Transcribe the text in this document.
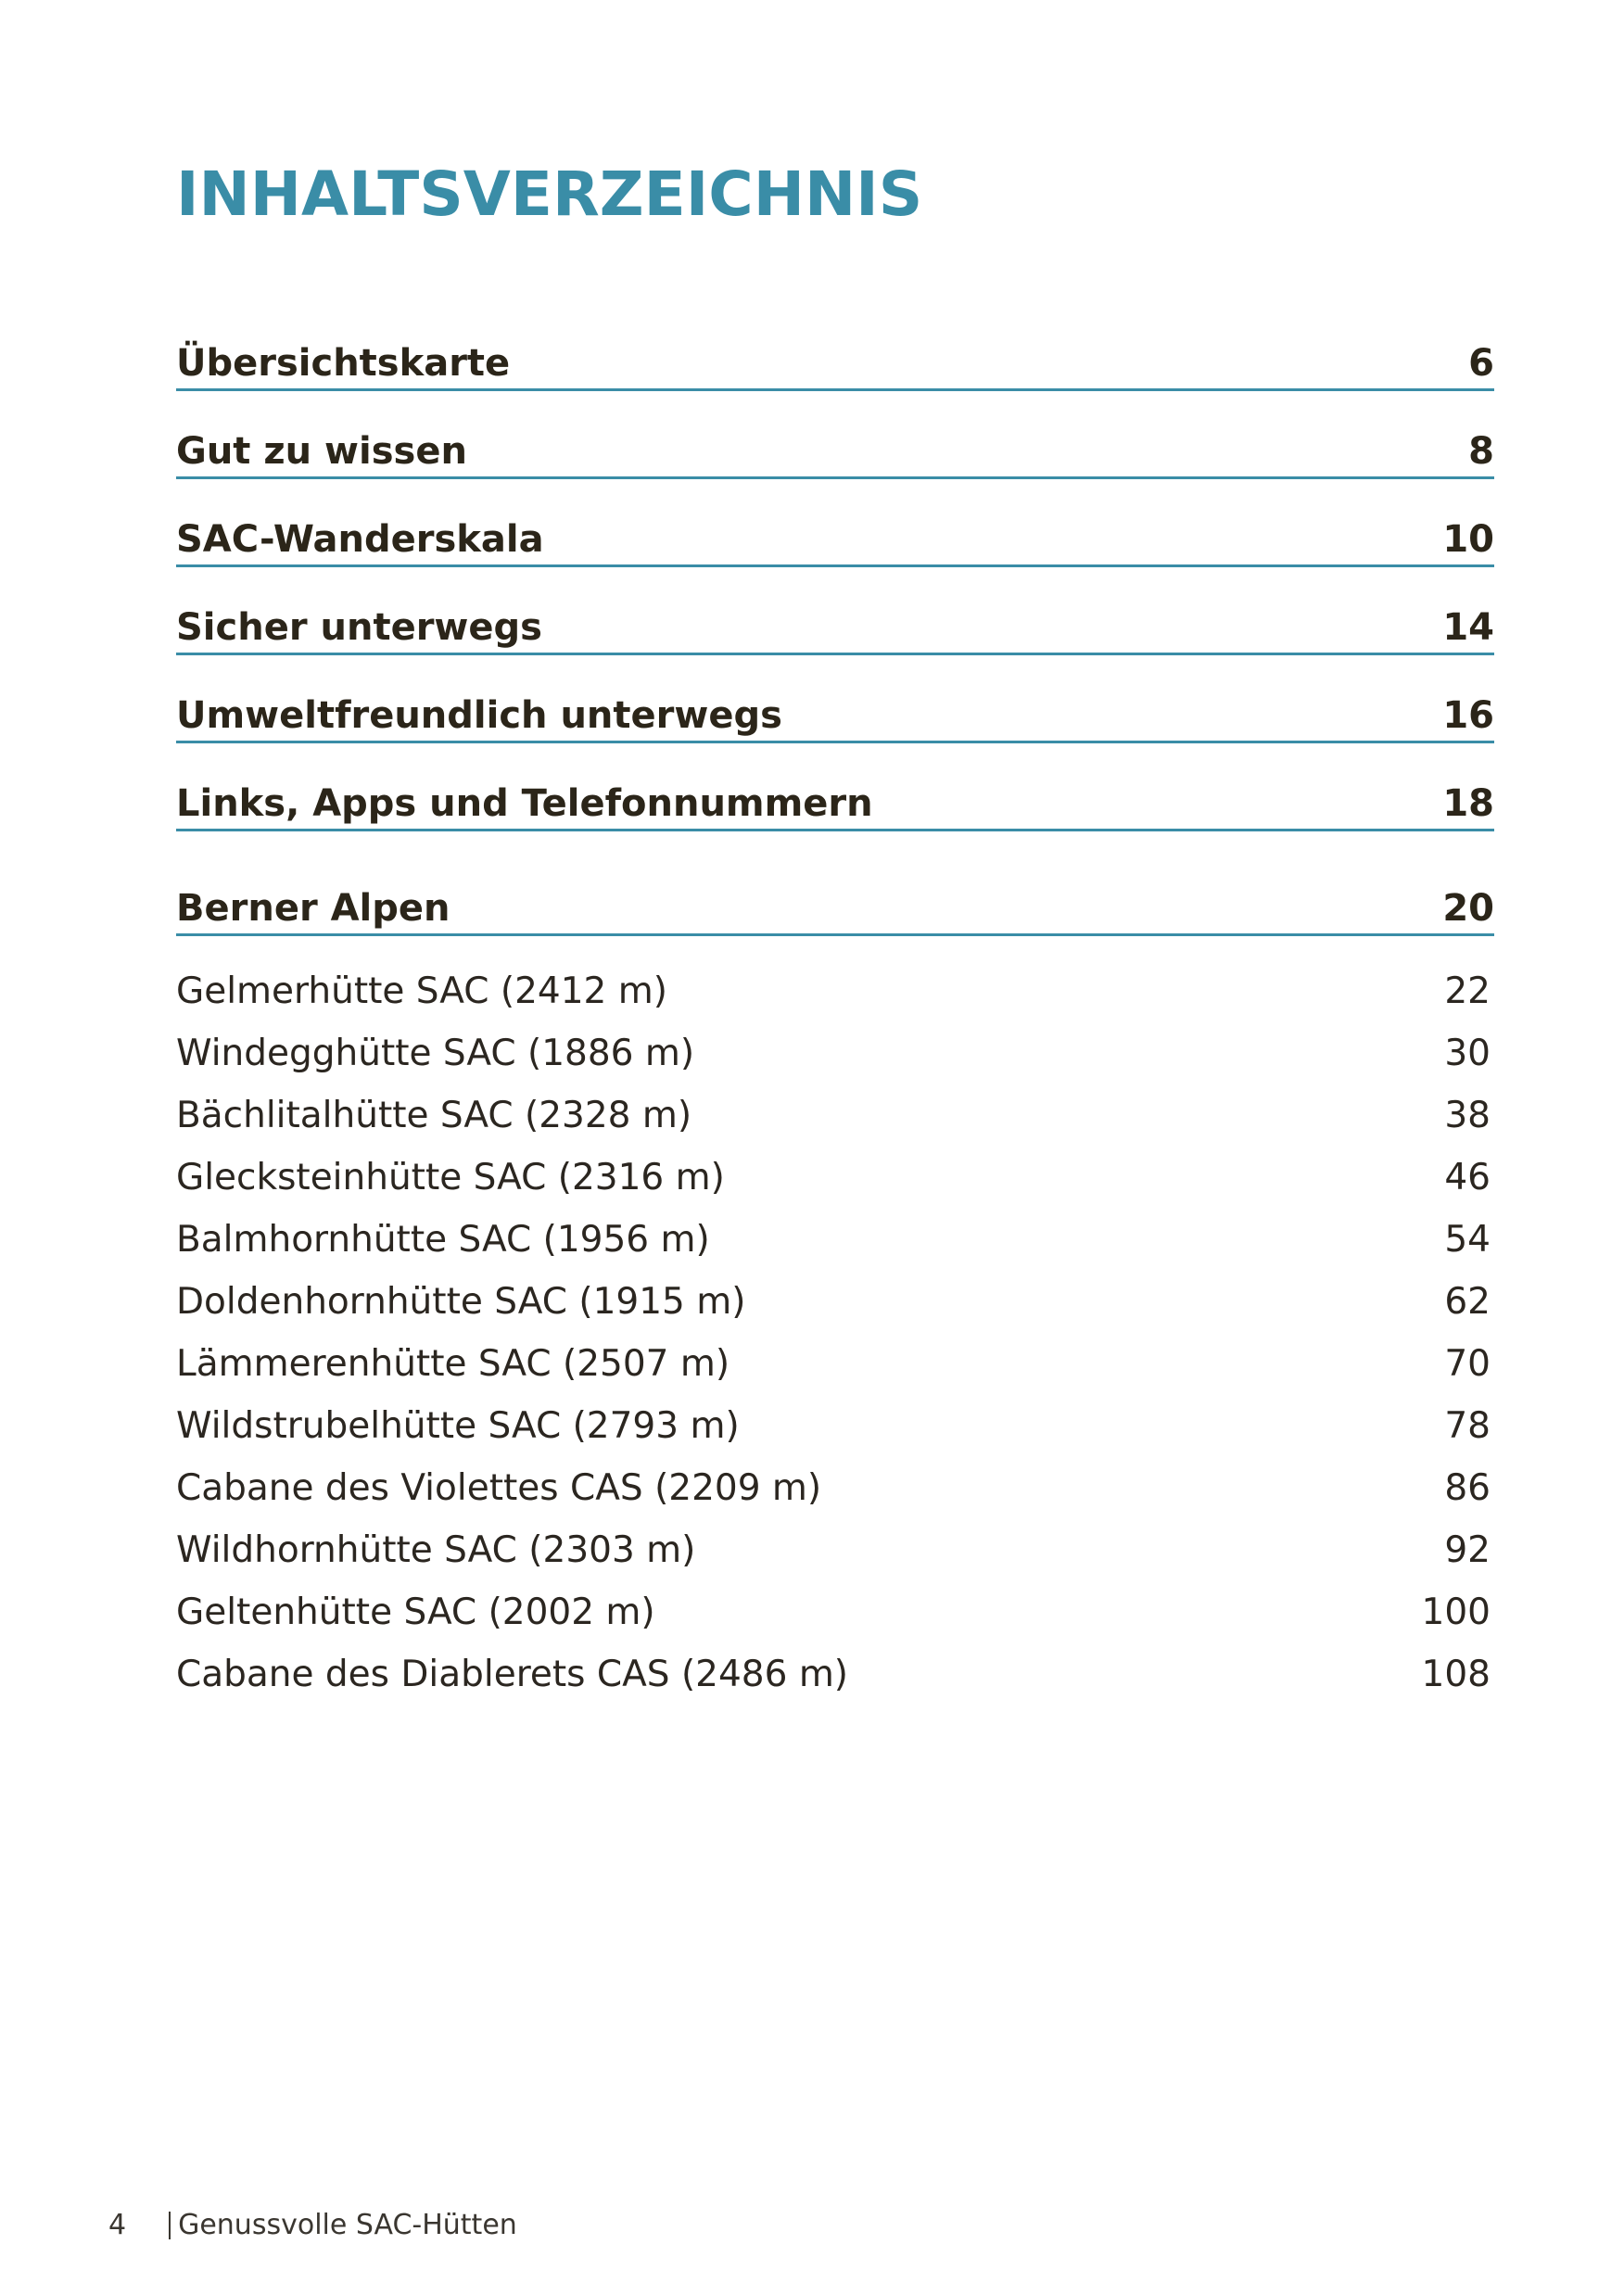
INHALTSVERZEICHNIS
Übersichtskarte	6
Gut zu wissen	8
SAC-Wanderskala	10
Sicher unterwegs	14
Umweltfreundlich unterwegs	16
Links, Apps und Telefonnummern	18
Berner Alpen	20
Gelmerhütte SAC (2412 m)	22
Windegghütte SAC (1886 m)	30
Bächlitalhütte SAC (2328 m)	38
Glecksteinhütte SAC (2316 m)	46
Balmhornhütte SAC (1956 m)	54
Doldenhornhütte SAC (1915 m)	62
Lämmerenhütte SAC (2507 m)	70
Wildstrubelhütte SAC (2793 m)	78
Cabane des Violettes CAS (2209 m)	86
Wildhornhütte SAC (2303 m)	92
Geltenhütte SAC (2002 m)	100
Cabane des Diablerets CAS (2486 m)	108
4 Genussvolle SAC-Hütten
